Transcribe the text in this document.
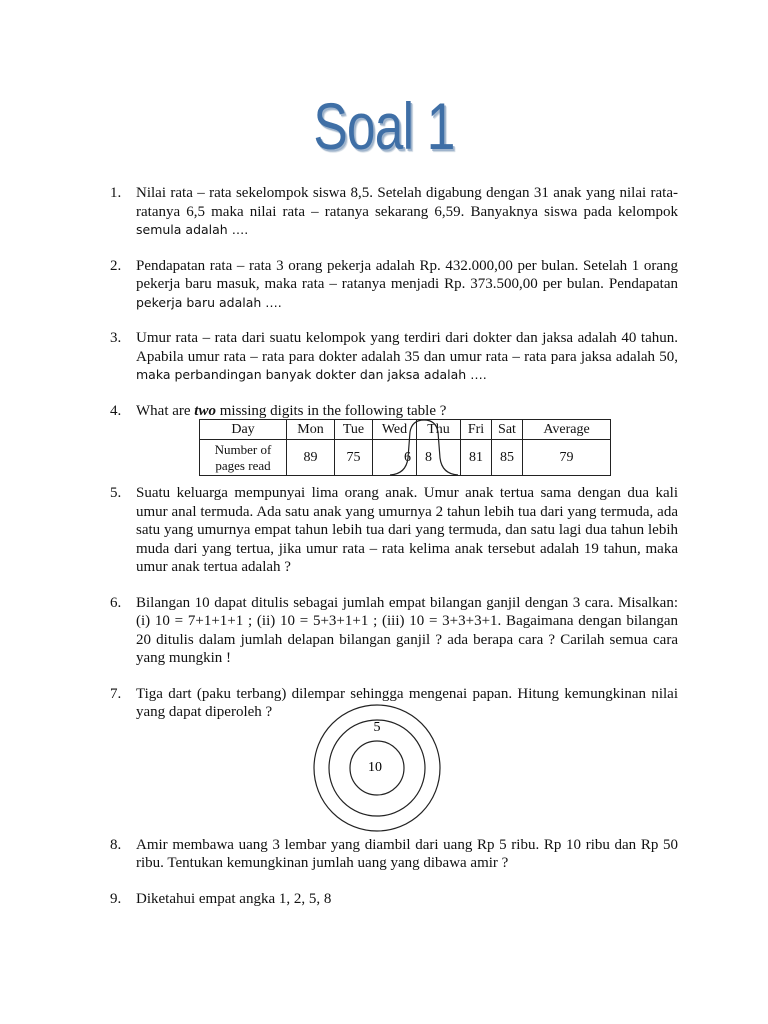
Soal 1
1. Nilai rata – rata sekelompok siswa 8,5. Setelah digabung dengan 31 anak yang nilai rata-ratanya 6,5 maka nilai rata – ratanya sekarang 6,59. Banyaknya siswa pada kelompok semula adalah ….
2. Pendapatan rata – rata 3 orang pekerja adalah Rp. 432.000,00 per bulan. Setelah 1 orang pekerja baru masuk, maka rata – ratanya menjadi Rp. 373.500,00 per bulan. Pendapatan pekerja baru adalah ….
3. Umur rata – rata dari suatu kelompok yang terdiri dari dokter dan jaksa adalah 40 tahun. Apabila umur rata – rata para dokter adalah 35 dan umur rata – rata para jaksa adalah 50, maka perbandingan banyak dokter dan jaksa adalah ….
4. What are two missing digits in the following table ?
5. Suatu keluarga mempunyai lima orang anak. Umur anak tertua sama dengan dua kali umur anal termuda. Ada satu anak yang umurnya 2 tahun lebih tua dari yang termuda, ada satu yang umurnya empat tahun lebih tua dari yang termuda, dan satu lagi dua tahun lebih muda dari yang tertua, jika umur rata – rata kelima anak tersebut adalah 19 tahun, maka umur anak tertua adalah ?
6. Bilangan 10 dapat ditulis sebagai jumlah empat bilangan ganjil dengan 3 cara. Misalkan: (i) 10 = 7+1+1+1 ; (ii) 10 = 5+3+1+1 ; (iii) 10 = 3+3+3+1. Bagaimana dengan bilangan 20 ditulis dalam jumlah delapan bilangan ganjil ? ada berapa cara ? Carilah semua cara yang mungkin !
7. Tiga dart (paku terbang) dilempar sehingga mengenai papan. Hitung kemungkinan nilai yang dapat diperoleh ?
8. Amir membawa uang 3 lembar yang diambil dari uang Rp 5 ribu. Rp 10 ribu dan Rp 50 ribu. Tentukan kemungkinan jumlah uang yang dibawa amir ?
9. Diketahui empat angka 1, 2, 5, 8
Day	Mon	Tue	Wed	Thu	Fri	Sat	Average
Number of
pages read	89	75	6	8	81	85	79
5
10
